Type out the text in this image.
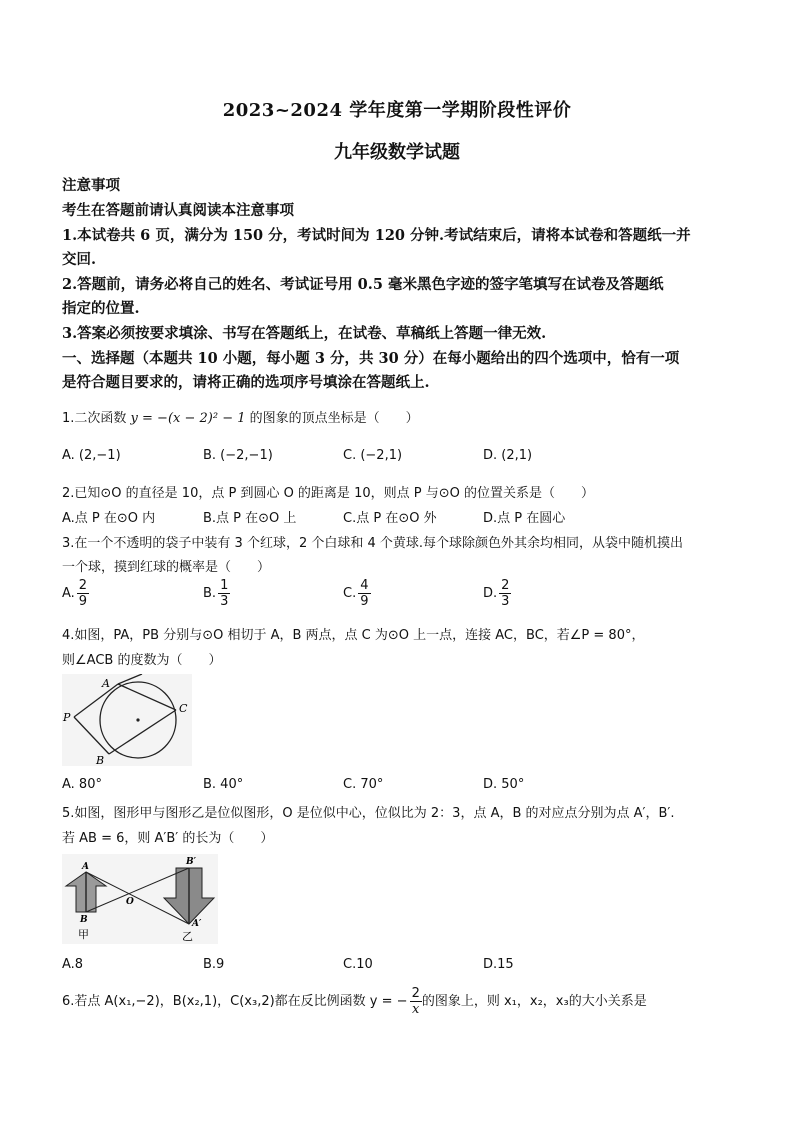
2023~2024 学年度第一学期阶段性评价
九年级数学试题
注意事项
考生在答题前请认真阅读本注意事项
1.本试卷共 6 页，满分为 150 分，考试时间为 120 分钟.考试结束后，请将本试卷和答题纸一并
交回.
2.答题前，请务必将自己的姓名、考试证号用 0.5 毫米黑色字迹的签字笔填写在试卷及答题纸
指定的位置.
3.答案必须按要求填涂、书写在答题纸上，在试卷、草稿纸上答题一律无效.
一、选择题（本题共 10 小题，每小题 3 分，共 30 分）在每小题给出的四个选项中，恰有一项
是符合题目要求的，请将正确的选项序号填涂在答题纸上.
1.二次函数 y = −(x − 2)² − 1 的图象的顶点坐标是（　　）
A. (2,−1)	B. (−2,−1)	C. (−2,1)	D. (2,1)
2.已知⊙O 的直径是 10，点 P 到圆心 O 的距离是 10，则点 P 与⊙O 的位置关系是（　　）
A.点 P 在⊙O 内	B.点 P 在⊙O 上	C.点 P 在⊙O 外	D.点 P 在圆心
3.在一个不透明的袋子中装有 3 个红球，2 个白球和 4 个黄球.每个球除颜色外其余均相同，从袋中随机摸出
一个球，摸到红球的概率是（　　）
A. $\frac{2}{9}$	B. $\frac{1}{3}$	C. $\frac{4}{9}$	D. $\frac{2}{3}$
4.如图，PA，PB 分别与⊙O 相切于 A，B 两点，点 C 为⊙O 上一点，连接 AC，BC，若∠P = 80°，
则∠ACB 的度数为（　　）
A
P
C
B
A. 80°	B. 40°	C. 70°	D. 50°
5.如图，图形甲与图形乙是位似图形，O 是位似中心，位似比为 2：3，点 A，B 的对应点分别为点 A′，B′.
若 AB = 6，则 A′B′ 的长为（　　）
A
B
O
B′
A′
甲	乙
A.8	B.9	C.10	D.15
6.若点 A(x₁,−2)，B(x₂,1)，C(x₃,2)都在反比例函数 y = − $\frac{2}{x}$ 的图象上，则 x₁，x₂，x₃的大小关系是
